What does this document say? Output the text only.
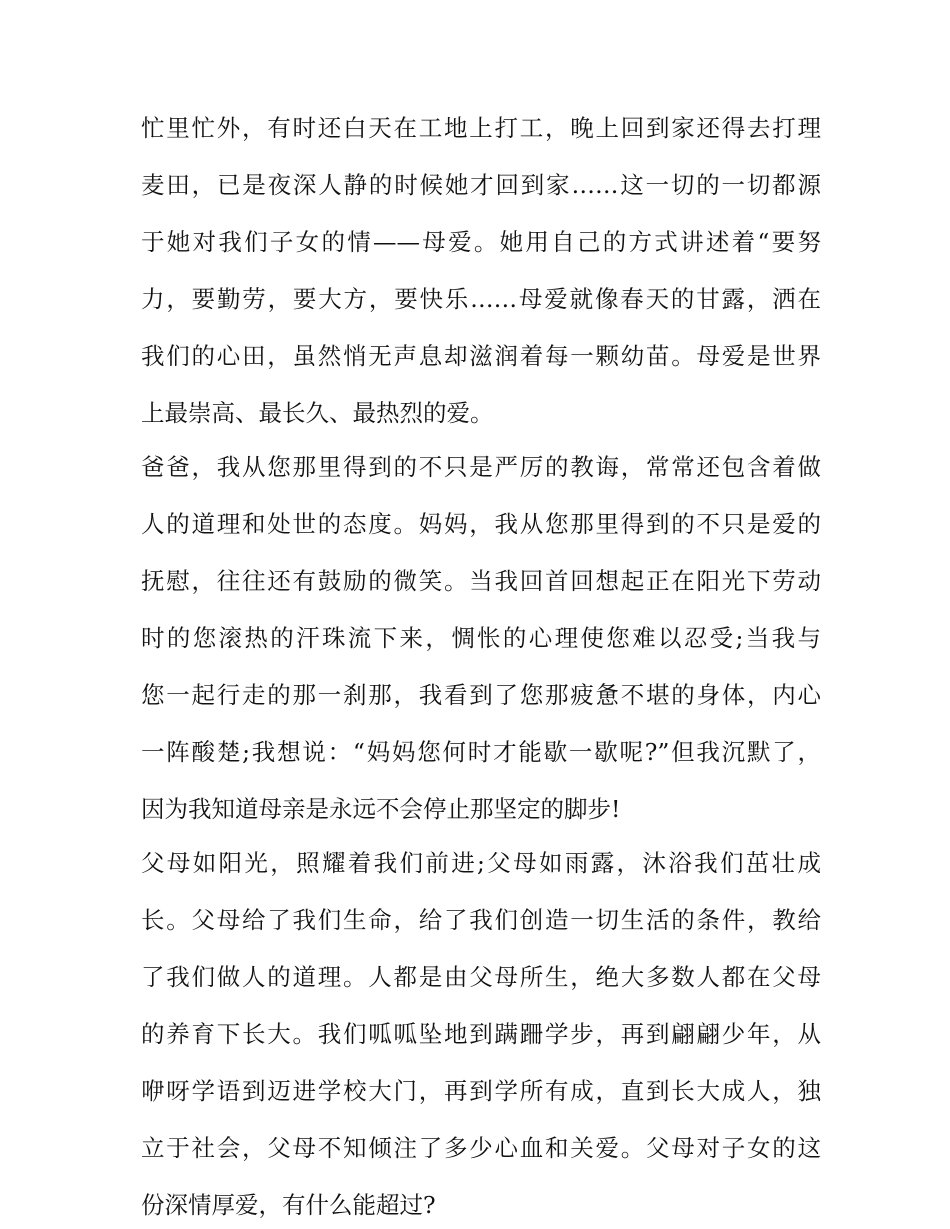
忙里忙外，有时还白天在工地上打工，晚上回到家还得去打理
麦田，已是夜深人静的时候她才回到家……这一切的一切都源
于她对我们子女的情——母爱。她用自己的方式讲述着“要努
力，要勤劳，要大方，要快乐……母爱就像春天的甘露，洒在
我们的心田，虽然悄无声息却滋润着每一颗幼苗。母爱是世界
上最崇高、最长久、最热烈的爱。
爸爸，我从您那里得到的不只是严厉的教诲，常常还包含着做
人的道理和处世的态度。妈妈，我从您那里得到的不只是爱的
抚慰，往往还有鼓励的微笑。当我回首回想起正在阳光下劳动
时的您滚热的汗珠流下来，惆怅的心理使您难以忍受;当我与
您一起行走的那一刹那，我看到了您那疲惫不堪的身体，内心
一阵酸楚;我想说：“妈妈您何时才能歇一歇呢?”但我沉默了，
因为我知道母亲是永远不会停止那坚定的脚步!
父母如阳光，照耀着我们前进;父母如雨露，沐浴我们茁壮成
长。父母给了我们生命，给了我们创造一切生活的条件，教给
了我们做人的道理。人都是由父母所生，绝大多数人都在父母
的养育下长大。我们呱呱坠地到蹒跚学步，再到翩翩少年，从
咿呀学语到迈进学校大门，再到学所有成，直到长大成人，独
立于社会，父母不知倾注了多少心血和关爱。父母对子女的这
份深情厚爱，有什么能超过?
